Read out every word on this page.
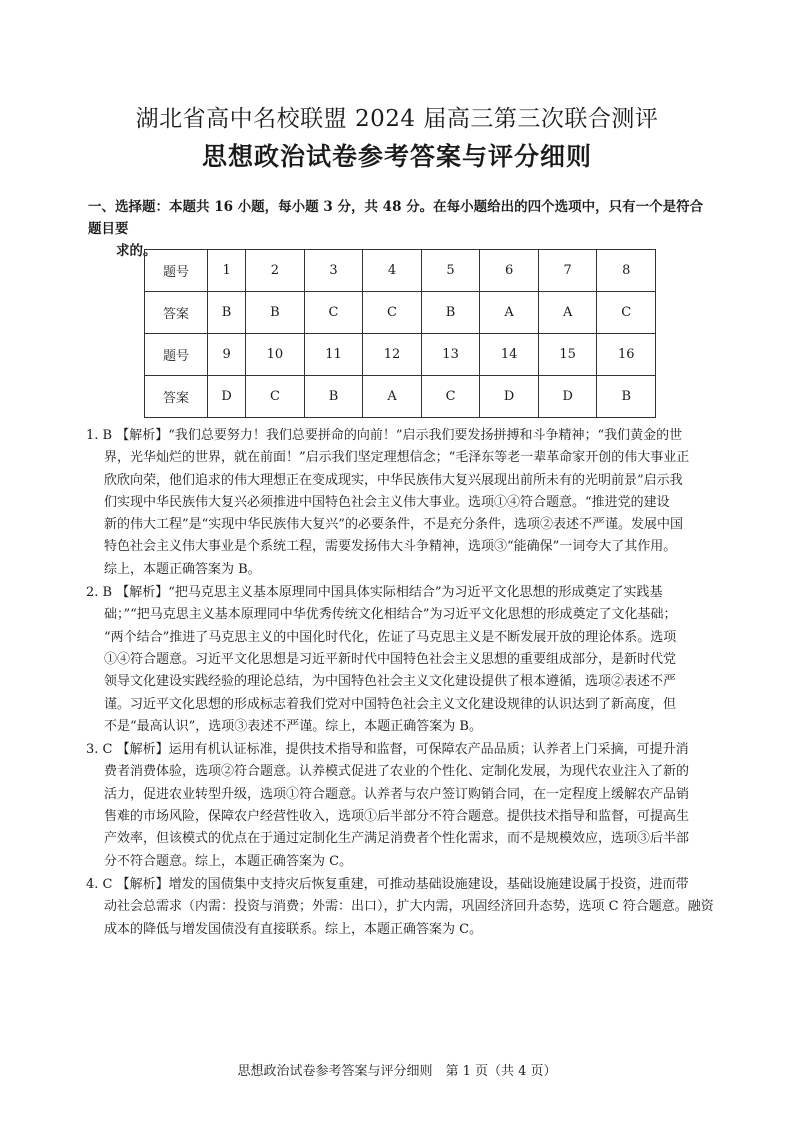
湖北省高中名校联盟 2024 届高三第三次联合测评
思想政治试卷参考答案与评分细则
一、选择题：本题共 16 小题，每小题 3 分，共 48 分。在每小题给出的四个选项中，只有一个是符合题目要
求的。
题号	1	2	3	4	5	6	7	8
答案	B	B	C	C	B	A	A	C
题号	9	10	11	12	13	14	15	16
答案	D	C	B	A	C	D	D	B
1. B 【解析】“我们总要努力！我们总要拼命的向前！”启示我们要发扬拼搏和斗争精神；“我们黄金的世
界，光华灿烂的世界，就在前面！”启示我们坚定理想信念；“毛泽东等老一辈革命家开创的伟大事业正
欣欣向荣，他们追求的伟大理想正在变成现实，中华民族伟大复兴展现出前所未有的光明前景”启示我
们实现中华民族伟大复兴必须推进中国特色社会主义伟大事业。选项①④符合题意。“推进党的建设
新的伟大工程”是“实现中华民族伟大复兴”的必要条件，不是充分条件，选项②表述不严谨。发展中国
特色社会主义伟大事业是个系统工程，需要发扬伟大斗争精神，选项③“能确保”一词夸大了其作用。
综上，本题正确答案为 B。
2. B 【解析】“把马克思主义基本原理同中国具体实际相结合”为习近平文化思想的形成奠定了实践基
础；”“把马克思主义基本原理同中华优秀传统文化相结合”为习近平文化思想的形成奠定了文化基础；
“两个结合”推进了马克思主义的中国化时代化，佐证了马克思主义是不断发展开放的理论体系。选项
①④符合题意。习近平文化思想是习近平新时代中国特色社会主义思想的重要组成部分，是新时代党
领导文化建设实践经验的理论总结，为中国特色社会主义文化建设提供了根本遵循，选项②表述不严
谨。习近平文化思想的形成标志着我们党对中国特色社会主义文化建设规律的认识达到了新高度，但
不是“最高认识”，选项③表述不严谨。综上，本题正确答案为 B。
3. C 【解析】运用有机认证标准，提供技术指导和监督，可保障农产品品质；认养者上门采摘，可提升消
费者消费体验，选项②符合题意。认养模式促进了农业的个性化、定制化发展，为现代农业注入了新的
活力，促进农业转型升级，选项①符合题意。认养者与农户签订购销合同，在一定程度上缓解农产品销
售难的市场风险，保障农户经营性收入，选项①后半部分不符合题意。提供技术指导和监督，可提高生
产效率，但该模式的优点在于通过定制化生产满足消费者个性化需求，而不是规模效应，选项③后半部
分不符合题意。综上，本题正确答案为 C。
4. C 【解析】增发的国债集中支持灾后恢复重建，可推动基础设施建设，基础设施建设属于投资，进而带
动社会总需求（内需：投资与消费；外需：出口），扩大内需，巩固经济回升态势，选项 C 符合题意。融资
成本的降低与增发国债没有直接联系。综上，本题正确答案为 C。
思想政治试卷参考答案与评分细则　第 1 页（共 4 页）
